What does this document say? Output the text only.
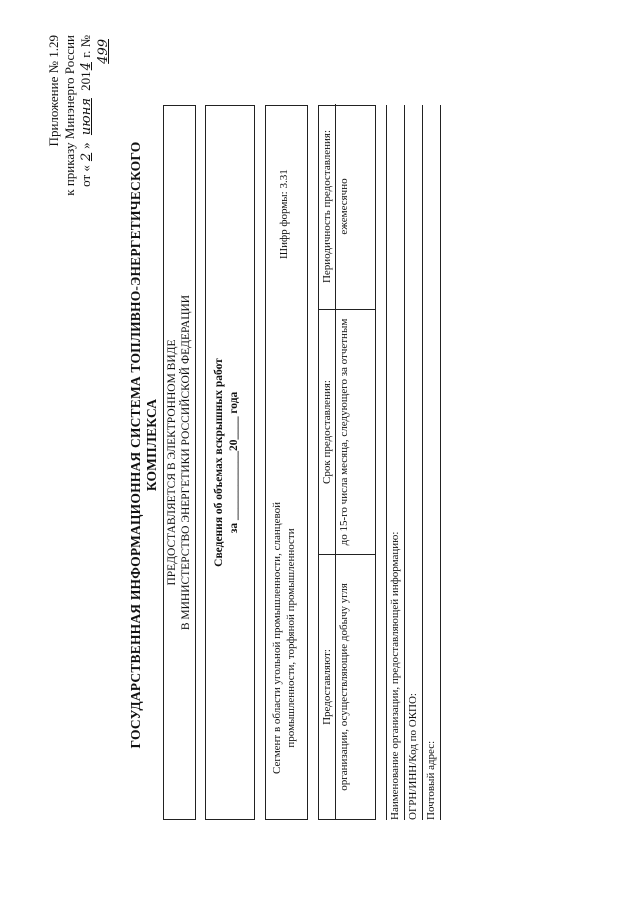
Приложение № 1.29 к приказу Минэнерго России от «2» июня 2014 г. № 499
ГОСУДАРСТВЕННАЯ ИНФОРМАЦИОННАЯ СИСТЕМА ТОПЛИВНО-ЭНЕРГЕТИЧЕСКОГО КОМПЛЕКСА ПРЕДОСТАВЛЯЕТСЯ В ЭЛЕКТРОННОМ ВИДЕ В МИНИСТЕРСТВО ЭНЕРГЕТИКИ РОССИЙСКОЙ ФЕДЕРАЦИИ Сведения об объемах вскрышных работ за ____________20____ года
Сегмент в области угольной промышленности, сланцевой промышленности, торфяной промышленности
Шифр формы: 3.31
Предоставляют: организации, осуществляющие добычу угля
Срок предоставления: до 15-го числа месяца, следующего за отчетным
Периодичность предоставления: ежемесячно
Наименование организации, предоставляющей информацию: ОГРН/ИНН/Код по ОКПО: Почтовый адрес:
